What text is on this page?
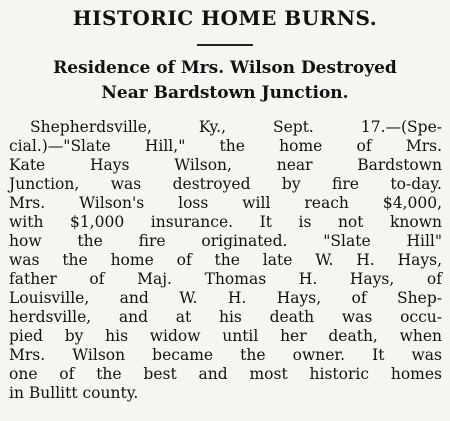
HISTORIC HOME BURNS.
Residence of Mrs. Wilson Destroyed
Near Bardstown Junction.
Shepherdsville, Ky., Sept. 17.—(Spe-
cial.)—"Slate Hill," the home of Mrs.
Kate Hays Wilson, near Bardstown
Junction, was destroyed by fire to-day.
Mrs. Wilson's loss will reach $4,000,
with $1,000 insurance. It is not known
how the fire originated. "Slate Hill"
was the home of the late W. H. Hays,
father of Maj. Thomas H. Hays, of
Louisville, and W. H. Hays, of Shep-
herdsville, and at his death was occu-
pied by his widow until her death, when
Mrs. Wilson became the owner. It was
one of the best and most historic homes
in Bullitt county.
